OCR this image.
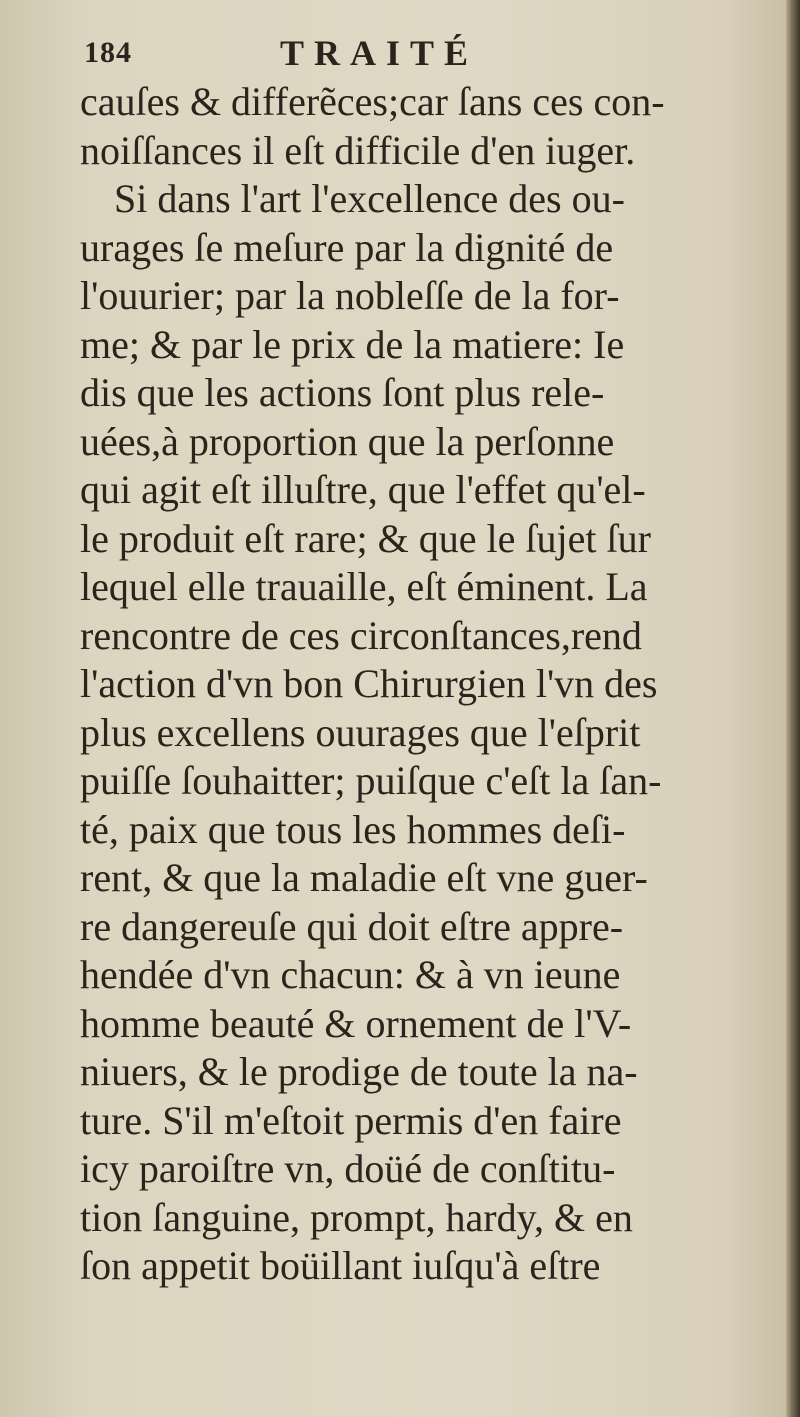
184	TRAITÉ
cauſes & differẽces;car ſans ces con-
noiſſances il eſt difficile d'en iuger.
Si dans l'art l'excellence des ou-
urages ſe meſure par la dignité de
l'ouurier; par la nobleſſe de la for-
me; & par le prix de la matiere: Ie
dis que les actions ſont plus rele-
uées,à proportion que la perſonne
qui agit eſt illuſtre, que l'effet qu'el-
le produit eſt rare; & que le ſujet ſur
lequel elle trauaille, eſt éminent. La
rencontre de ces circonſtances,rend
l'action d'vn bon Chirurgien l'vn des
plus excellens ouurages que l'eſprit
puiſſe ſouhaitter; puiſque c'eſt la ſan-
té, paix que tous les hommes deſi-
rent, & que la maladie eſt vne guer-
re dangereuſe qui doit eſtre appre-
hendée d'vn chacun: & à vn ieune
homme beauté & ornement de l'V-
niuers, & le prodige de toute la na-
ture. S'il m'eſtoit permis d'en faire
icy paroiſtre vn, doüé de conſtitu-
tion ſanguine, prompt, hardy, & en
ſon appetit boüillant iuſqu'à eſtre
